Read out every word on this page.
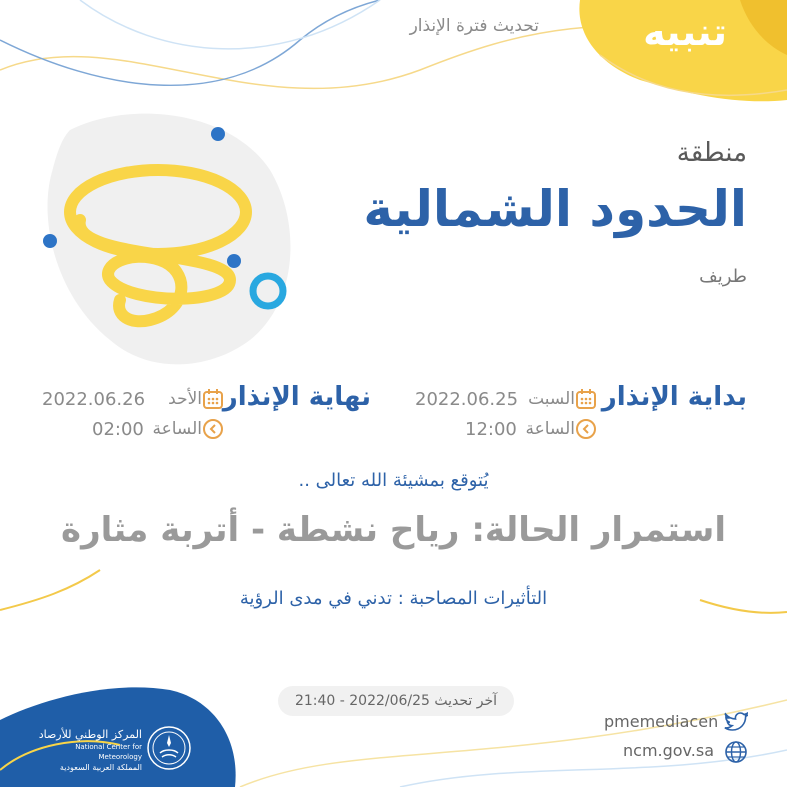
تنبيه
تحديث فترة الإنذار
منطقة
الحدود الشمالية
طريف
بداية الإنذار
السبت
2022.06.25
الساعة
12:00
نهاية الإنذار
الأحد
2022.06.26
الساعة
02:00
يُتوقع بمشيئة الله تعالى ..
استمرار الحالة: رياح نشطة - أتربة مثارة
التأثيرات المصاحبة : تدني في مدى الرؤية
آخر تحديث 2022/06/25 - 21:40
pmemediacen
ncm.gov.sa
المركز الوطني للأرصاد
National Center for Meteorology
المملكة العربية السعودية
